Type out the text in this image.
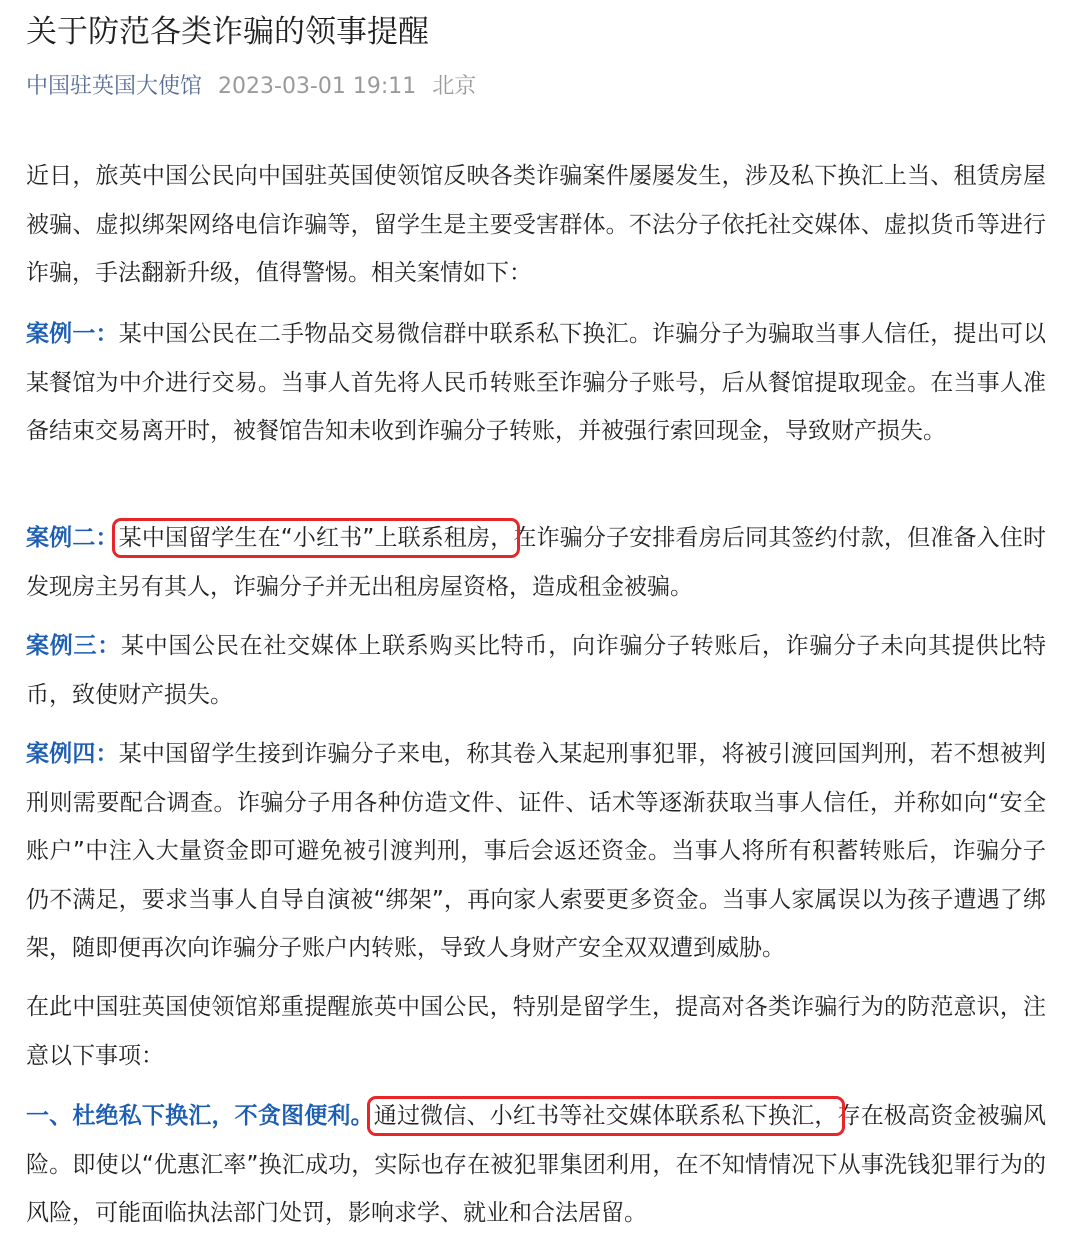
关于防范各类诈骗的领事提醒
中国驻英国大使馆 2023-03-01 19:11 北京

近日，旅英中国公民向中国驻英国使领馆反映各类诈骗案件屡屡发生，涉及私下换汇上当、租赁房屋被骗、虚拟绑架网络电信诈骗等，留学生是主要受害群体。不法分子依托社交媒体、虚拟货币等进行诈骗，手法翻新升级，值得警惕。相关案情如下：

案例一：某中国公民在二手物品交易微信群中联系私下换汇。诈骗分子为骗取当事人信任，提出可以某餐馆为中介进行交易。当事人首先将人民币转账至诈骗分子账号，后从餐馆提取现金。在当事人准备结束交易离开时，被餐馆告知未收到诈骗分子转账，并被强行索回现金，导致财产损失。

案例二：某中国留学生在“小红书”上联系租房，在诈骗分子安排看房后同其签约付款，但准备入住时发现房主另有其人，诈骗分子并无出租房屋资格，造成租金被骗。

案例三：某中国公民在社交媒体上联系购买比特币，向诈骗分子转账后，诈骗分子未向其提供比特币，致使财产损失。

案例四：某中国留学生接到诈骗分子来电，称其卷入某起刑事犯罪，将被引渡回国判刑，若不想被判刑则需要配合调查。诈骗分子用各种仿造文件、证件、话术等逐渐获取当事人信任，并称如向“安全账户”中注入大量资金即可避免被引渡判刑，事后会返还资金。当事人将所有积蓄转账后，诈骗分子仍不满足，要求当事人自导自演被“绑架”，再向家人索要更多资金。当事人家属误以为孩子遭遇了绑架，随即便再次向诈骗分子账户内转账，导致人身财产安全双双遭到威胁。

在此中国驻英国使领馆郑重提醒旅英中国公民，特别是留学生，提高对各类诈骗行为的防范意识，注意以下事项：

一、杜绝私下换汇，不贪图便利。通过微信、小红书等社交媒体联系私下换汇，存在极高资金被骗风险。即使以“优惠汇率”换汇成功，实际也存在被犯罪集团利用，在不知情情况下从事洗钱犯罪行为的风险，可能面临执法部门处罚，影响求学、就业和合法居留。
